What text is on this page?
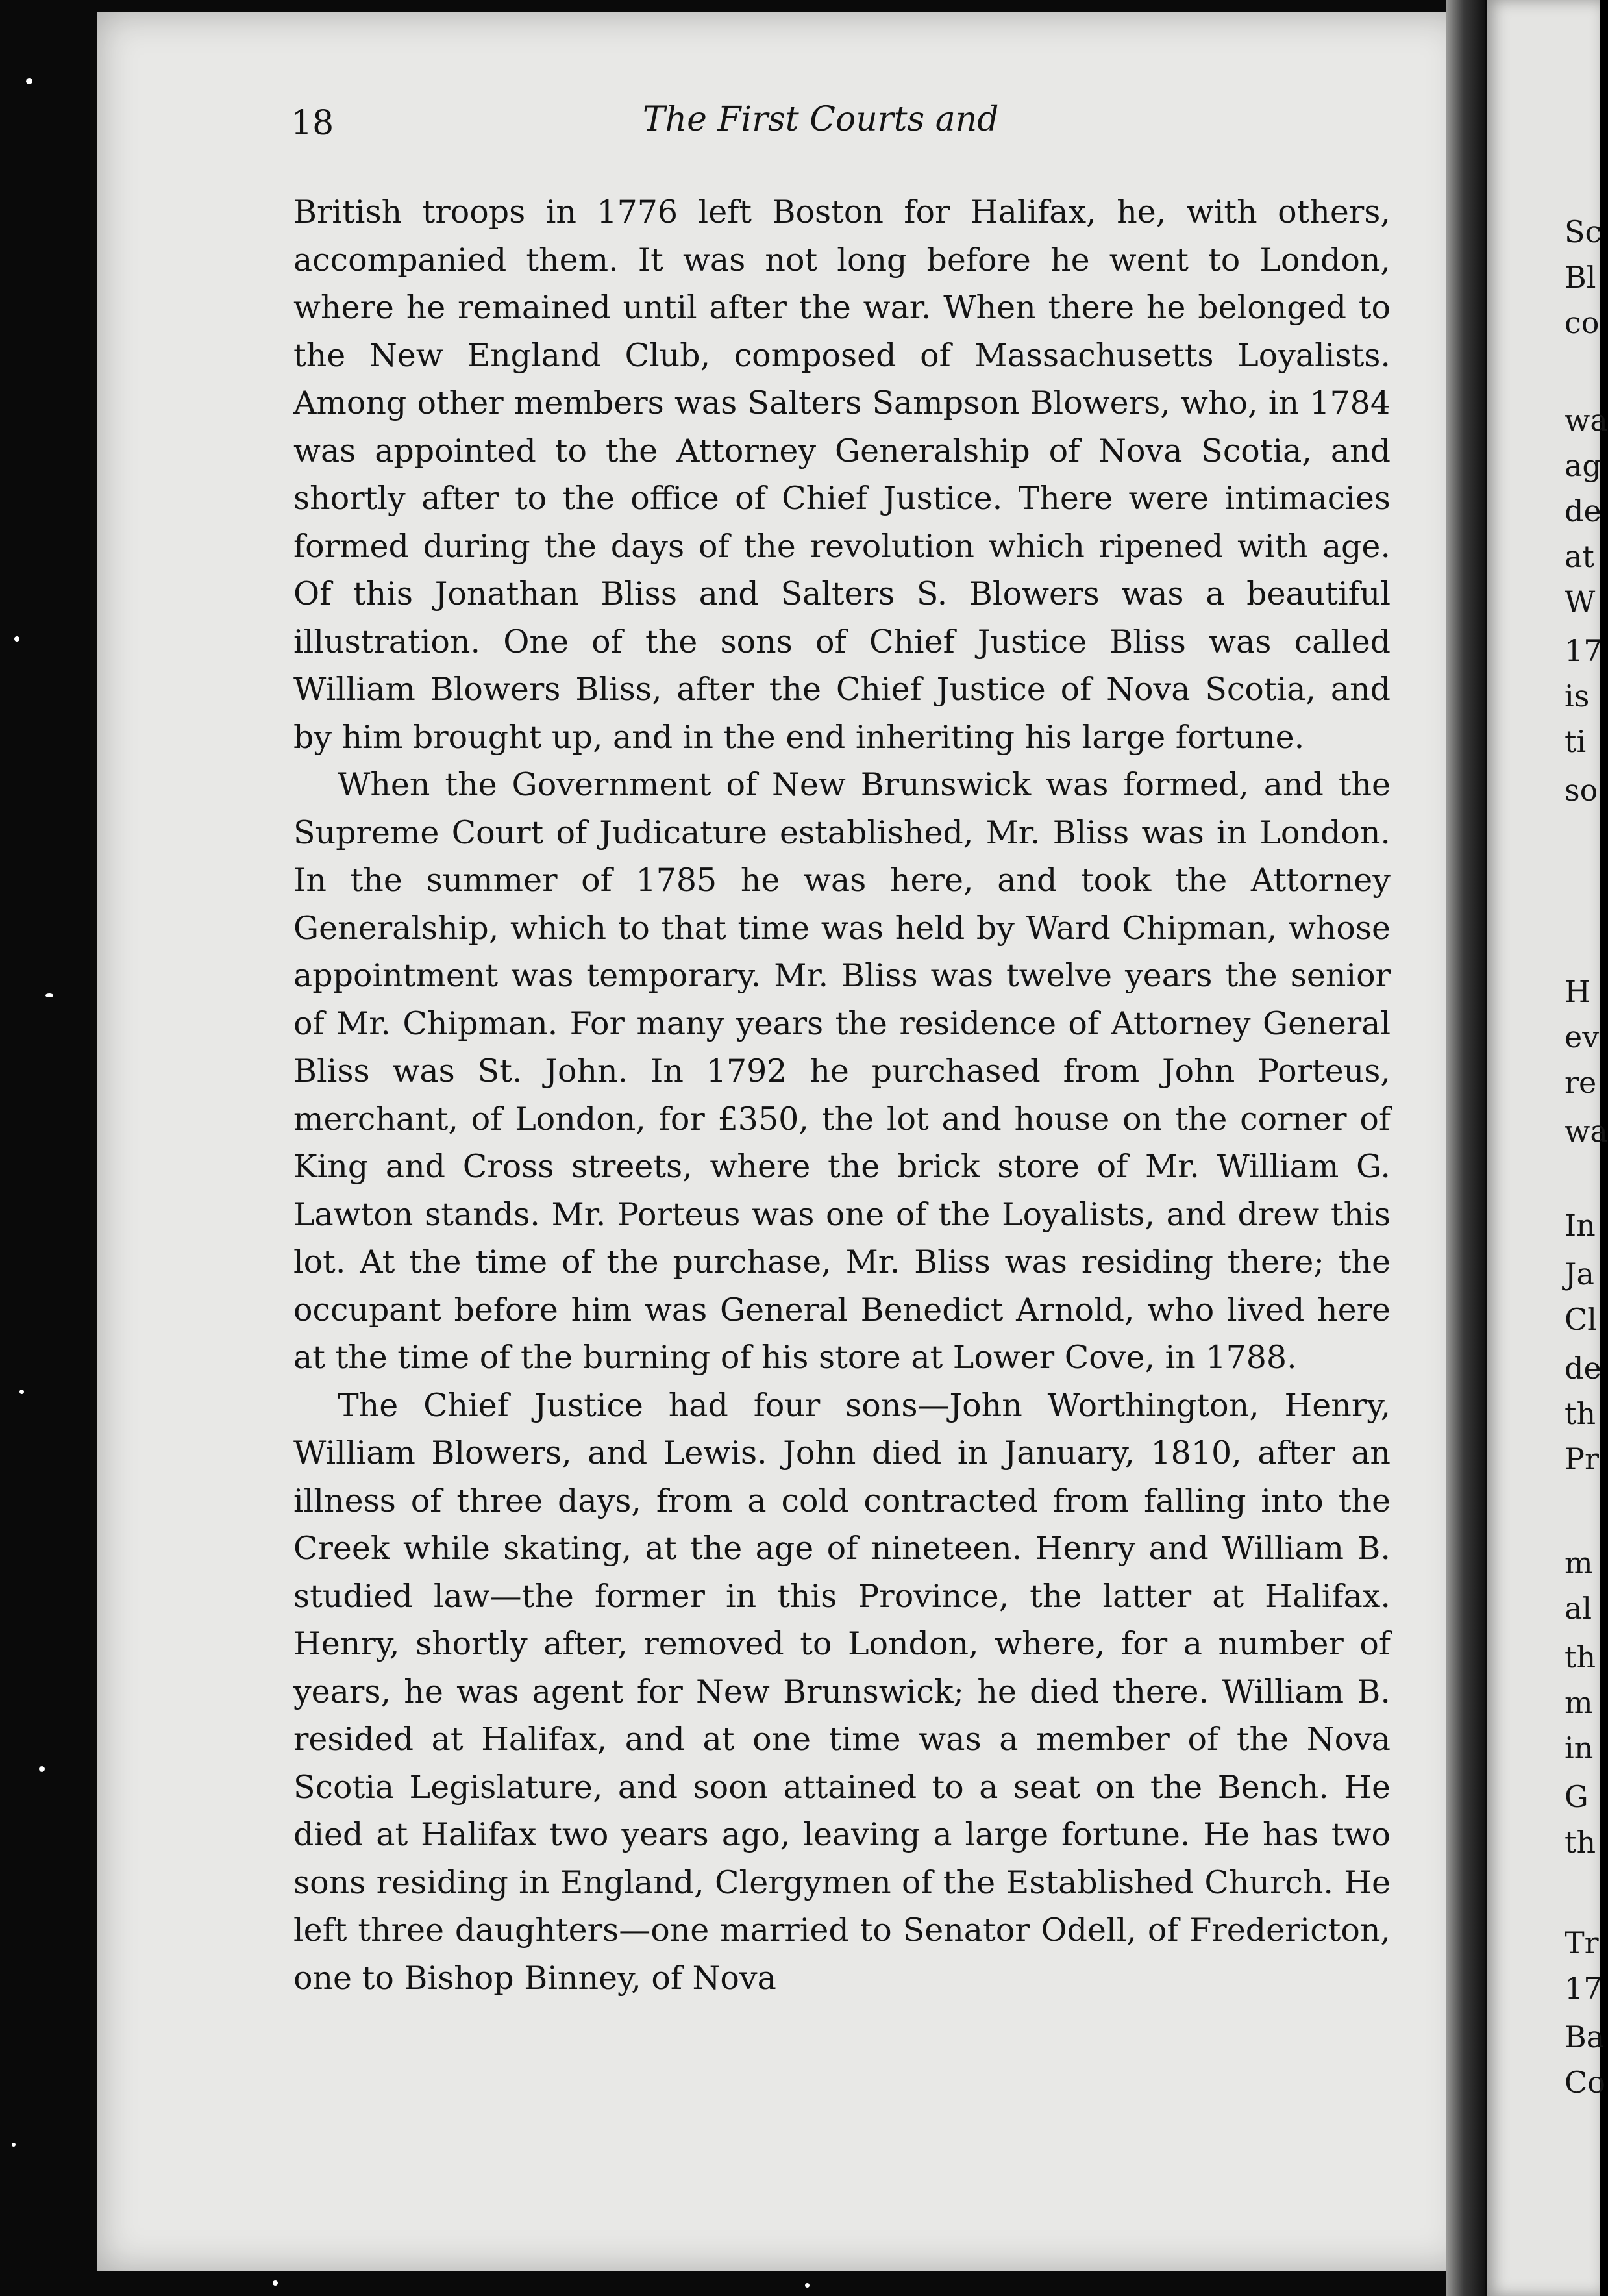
18	The First Courts and

British troops in 1776 left Boston for Halifax, he, with others, accompanied them. It was not long before he went to London, where he remained until after the war. When there he belonged to the New England Club, composed of Massachusetts Loyalists. Among other members was Salters Sampson Blowers, who, in 1784 was appointed to the Attorney Generalship of Nova Scotia, and shortly after to the office of Chief Justice. There were intimacies formed during the days of the revolution which ripened with age. Of this Jonathan Bliss and Salters S. Blowers was a beautiful illustration. One of the sons of Chief Justice Bliss was called William Blowers Bliss, after the Chief Justice of Nova Scotia, and by him brought up, and in the end inheriting his large fortune.

When the Government of New Brunswick was formed, and the Supreme Court of Judicature established, Mr. Bliss was in London. In the summer of 1785 he was here, and took the Attorney Generalship, which to that time was held by Ward Chipman, whose appointment was temporary. Mr. Bliss was twelve years the senior of Mr. Chipman. For many years the residence of Attorney General Bliss was St. John. In 1792 he purchased from John Porteus, merchant, of London, for £350, the lot and house on the corner of King and Cross streets, where the brick store of Mr. William G. Lawton stands. Mr. Porteus was one of the Loyalists, and drew this lot. At the time of the purchase, Mr. Bliss was residing there; the occupant before him was General Benedict Arnold, who lived here at the time of the burning of his store at Lower Cove, in 1788.

The Chief Justice had four sons—John Worthington, Henry, William Blowers, and Lewis. John died in January, 1810, after an illness of three days, from a cold contracted from falling into the Creek while skating, at the age of nineteen. Henry and William B. studied law—the former in this Province, the latter at Halifax. Henry, shortly after, removed to London, where, for a number of years, he was agent for New Brunswick; he died there. William B. resided at Halifax, and at one time was a member of the Nova Scotia Legislature, and soon attained to a seat on the Bench. He died at Halifax two years ago, leaving a large fortune. He has two sons residing in England, Clergymen of the Established Church. He left three daughters—one married to Senator Odell, of Fredericton, one to Bishop Binney, of Nova

Sc
Bl
co
wa
ag
de
at
W
17
is
ti
so
H
ev
re
wa
In
Ja
Cl
de
th
Pr
m
al
th
m
in
G
th
Tr
17
Ba
Co
